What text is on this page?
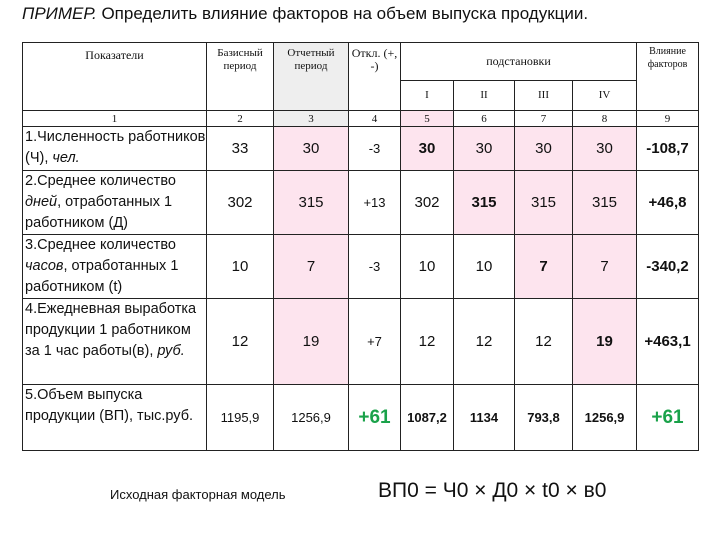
ПРИМЕР. Определить влияние факторов на объем выпуска продукции.
Показатели	Базисный период	Отчетный период	Откл. (+, -)	подстановки				Влияние факторов
				I	II	III	IV	
1	2	3	4	5	6	7	8	9
1.Численность работников (Ч), чел.	33	30	-3	30	30	30	30	-108,7
2.Среднее количество дней, отработанных 1 работником (Д)	302	315	+13	302	315	315	315	+46,8
3.Среднее количество часов, отработанных 1 работником (t)	10	7	-3	10	10	7	7	-340,2
4.Ежедневная выработка продукции 1 работником за 1 час работы(в), руб.	12	19	+7	12	12	12	19	+463,1
5.Объем выпуска продукции (ВП), тыс.руб.	1195,9	1256,9	+61	1087,2	1134	793,8	1256,9	+61
Исходная факторная модель	ВП0 = Ч0 × Д0 × t0 × в0
